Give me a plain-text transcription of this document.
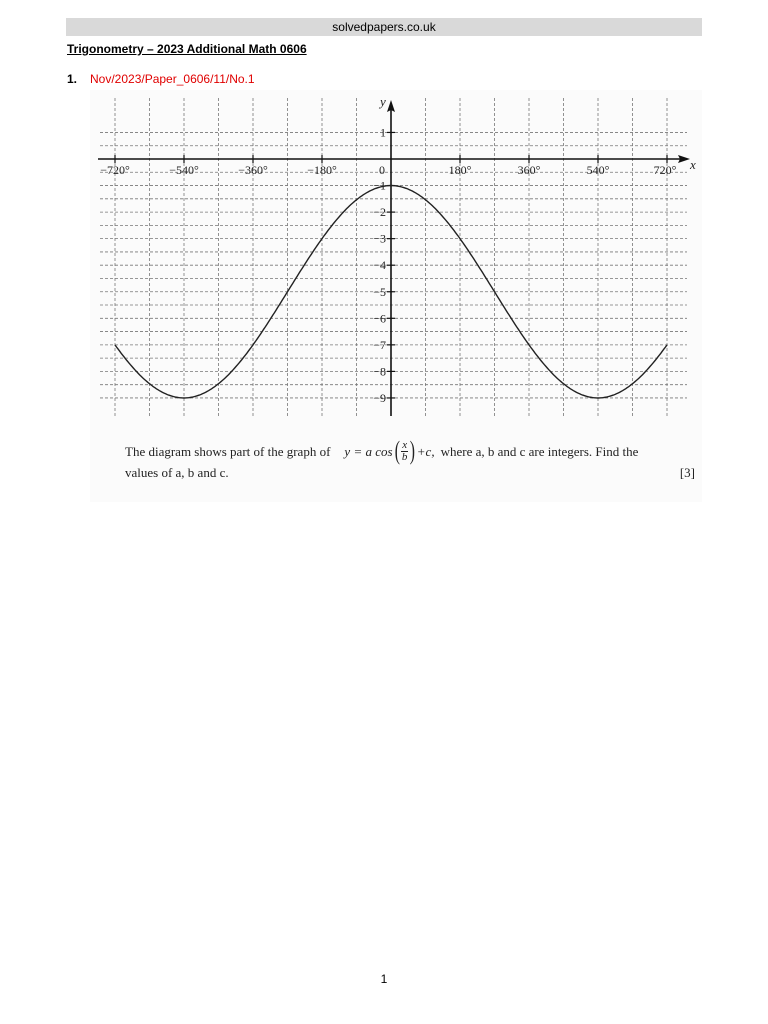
solvedpapers.co.uk
Trigonometry – 2023 Additional Math 0606
1. Nov/2023/Paper_0606/11/No.1
x
y
−720°	−540°	−360°	−180°	0	180°	360°	540°	720°
1
−1
−2
−3
−4
−5
−6
−7
−8
−9
The diagram shows part of the graph of y = a cos ( $\frac{x}{b}$ ) +c, where a, b and c are integers. Find the
values of a, b and c.	[3]
1
